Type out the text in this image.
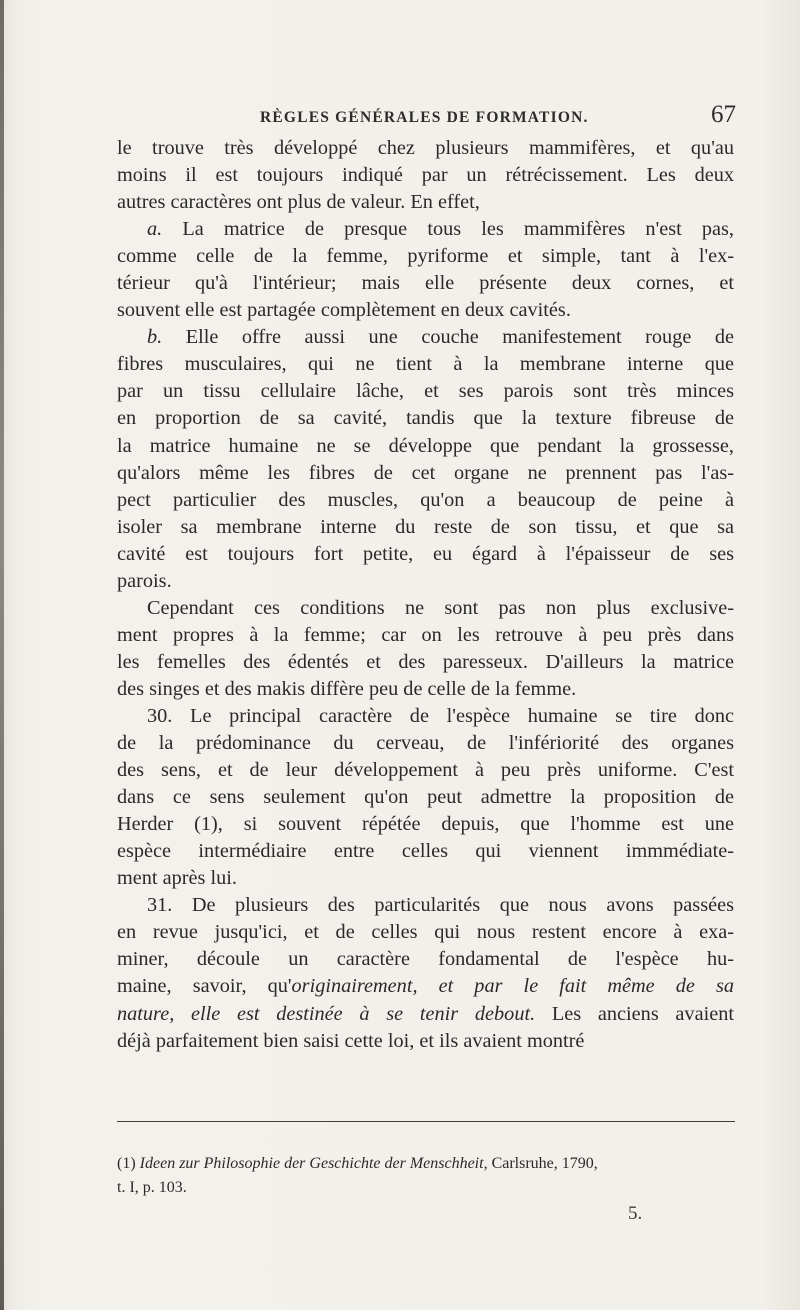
RÈGLES GÉNÉRALES DE FORMATION.	67
le trouve très développé chez plusieurs mammifères, et qu'au
moins il est toujours indiqué par un rétrécissement. Les deux
autres caractères ont plus de valeur. En effet,
a. La matrice de presque tous les mammifères n'est pas,
comme celle de la femme, pyriforme et simple, tant à l'ex-
térieur qu'à l'intérieur; mais elle présente deux cornes, et
souvent elle est partagée complètement en deux cavités.
b. Elle offre aussi une couche manifestement rouge de
fibres musculaires, qui ne tient à la membrane interne que
par un tissu cellulaire lâche, et ses parois sont très minces
en proportion de sa cavité, tandis que la texture fibreuse de
la matrice humaine ne se développe que pendant la grossesse,
qu'alors même les fibres de cet organe ne prennent pas l'as-
pect particulier des muscles, qu'on a beaucoup de peine à
isoler sa membrane interne du reste de son tissu, et que sa
cavité est toujours fort petite, eu égard à l'épaisseur de ses
parois.
Cependant ces conditions ne sont pas non plus exclusive-
ment propres à la femme; car on les retrouve à peu près dans
les femelles des édentés et des paresseux. D'ailleurs la matrice
des singes et des makis diffère peu de celle de la femme.
30. Le principal caractère de l'espèce humaine se tire donc
de la prédominance du cerveau, de l'infériorité des organes
des sens, et de leur développement à peu près uniforme. C'est
dans ce sens seulement qu'on peut admettre la proposition de
Herder (1), si souvent répétée depuis, que l'homme est une
espèce intermédiaire entre celles qui viennent immmédiate-
ment après lui.
31. De plusieurs des particularités que nous avons passées
en revue jusqu'ici, et de celles qui nous restent encore à exa-
miner, découle un caractère fondamental de l'espèce hu-
maine, savoir, qu'originairement, et par le fait même de sa
nature, elle est destinée à se tenir debout. Les anciens avaient
déjà parfaitement bien saisi cette loi, et ils avaient montré
(1) Ideen zur Philosophie der Geschichte der Menschheit, Carlsruhe, 1790,
t. I, p. 103.
5.
